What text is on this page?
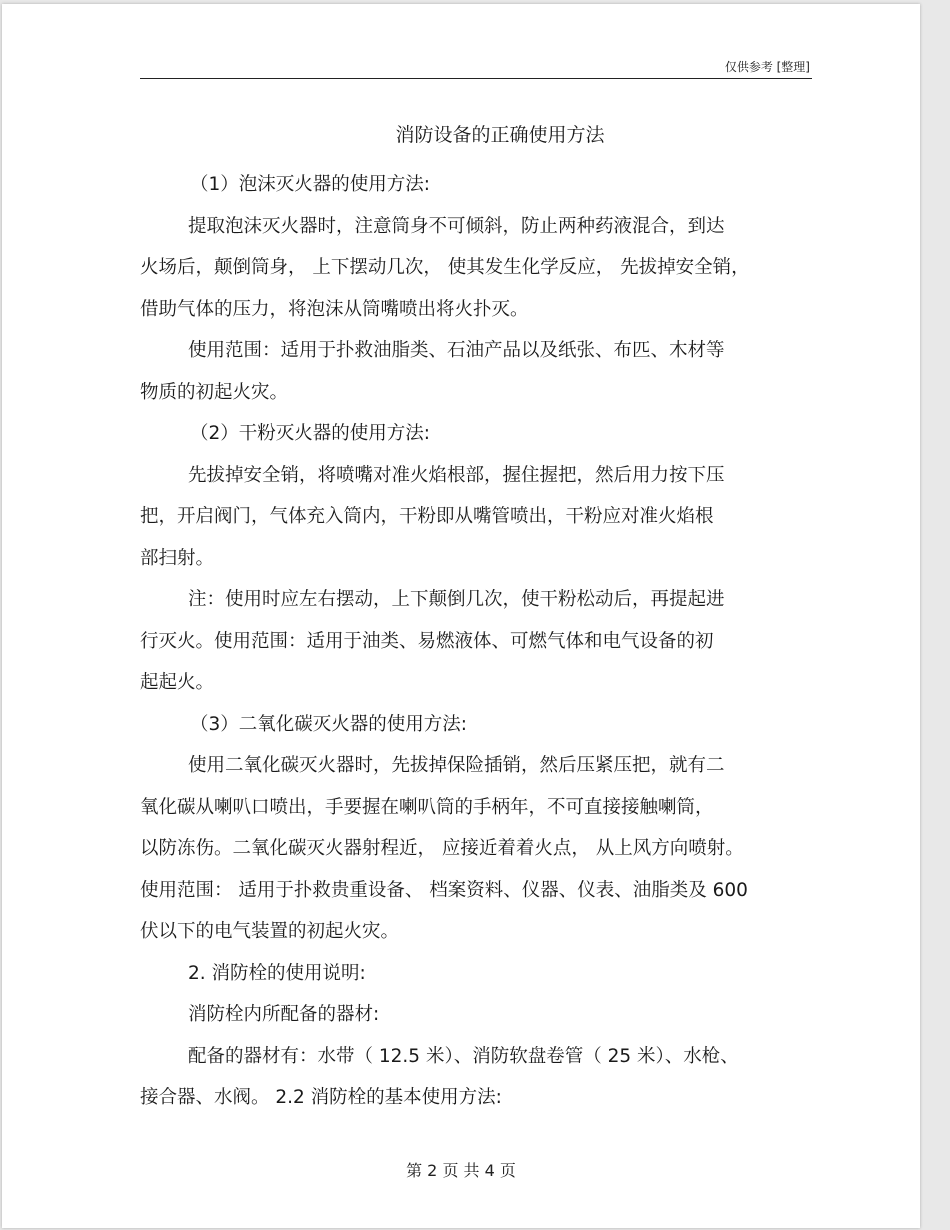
仅供参考 [整理]
消防设备的正确使用方法

（1）泡沫灭火器的使用方法:

提取泡沫灭火器时，注意筒身不可倾斜，防止两种药液混合，到达
火场后，颠倒筒身， 上下摆动几次， 使其发生化学反应， 先拔掉安全销，
借助气体的压力，将泡沫从筒嘴喷出将火扑灭。

使用范围：适用于扑救油脂类、石油产品以及纸张、布匹、木材等
物质的初起火灾。

（2）干粉灭火器的使用方法:

先拔掉安全销，将喷嘴对准火焰根部，握住握把，然后用力按下压
把，开启阀门，气体充入筒内，干粉即从嘴管喷出，干粉应对准火焰根
部扫射。

注：使用时应左右摆动，上下颠倒几次，使干粉松动后，再提起进
行灭火。使用范围：适用于油类、易燃液体、可燃气体和电气设备的初
起起火。

（3）二氧化碳灭火器的使用方法:

使用二氧化碳灭火器时，先拔掉保险插销，然后压紧压把，就有二
氧化碳从喇叭口喷出，手要握在喇叭筒的手柄年，不可直接接触喇筒，
以防冻伤。二氧化碳灭火器射程近， 应接近着着火点， 从上风方向喷射。
使用范围： 适用于扑救贵重设备、 档案资料、仪器、仪表、油脂类及 600
伏以下的电气装置的初起火灾。

2. 消防栓的使用说明:

消防栓内所配备的器材:

配备的器材有：水带（ 12.5 米）、消防软盘卷管（ 25 米）、水枪、
接合器、水阀。 2.2 消防栓的基本使用方法:

第 2 页 共 4 页
